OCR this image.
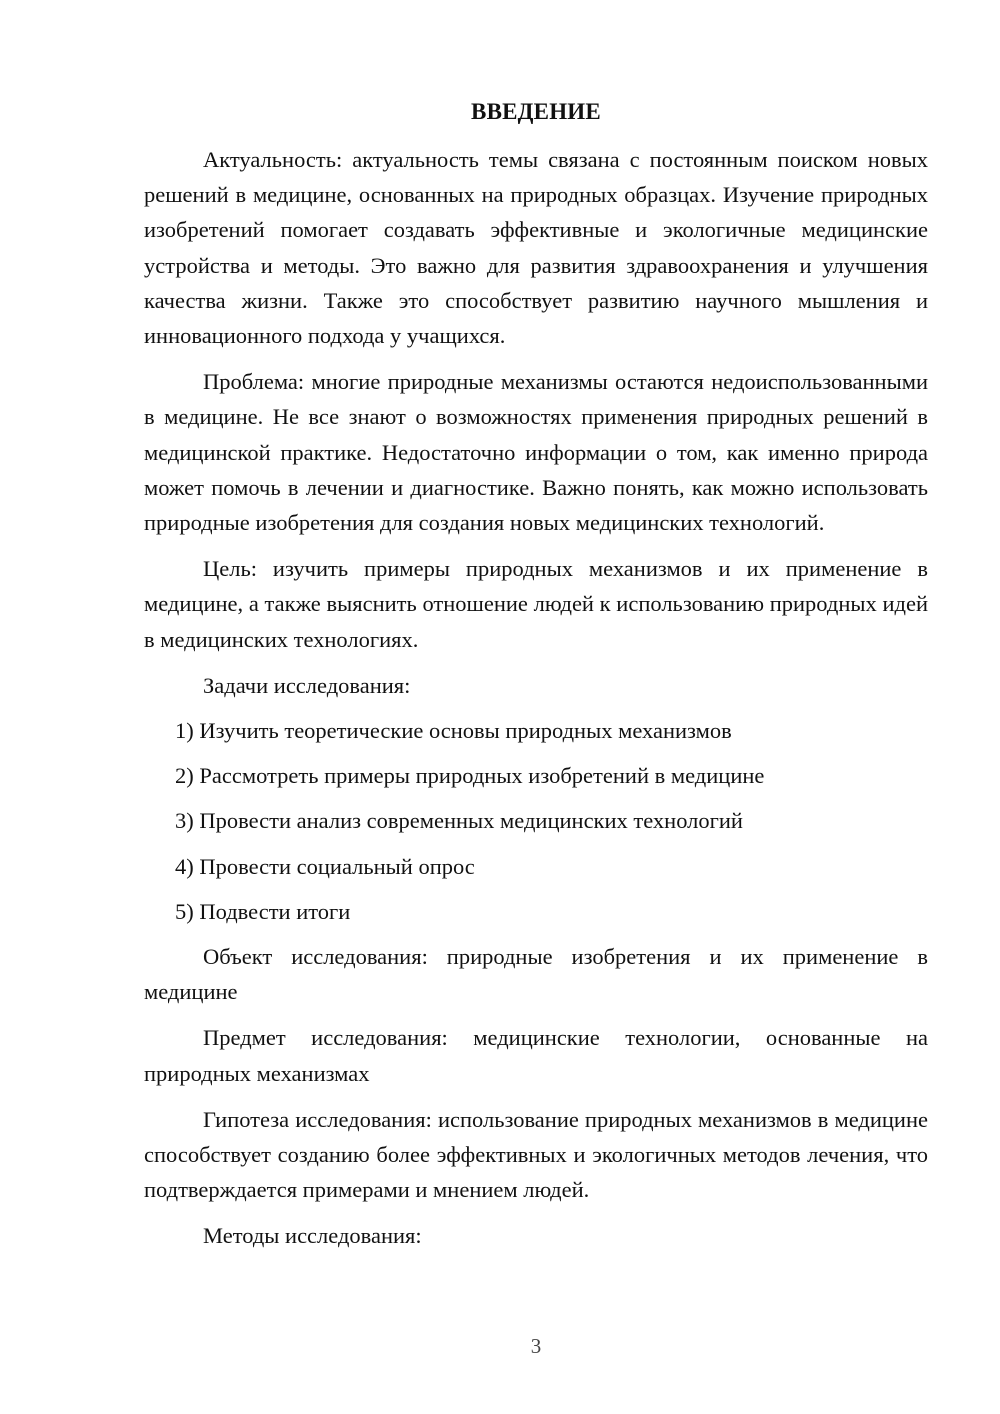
ВВЕДЕНИЕ

Актуальность: актуальность темы связана с постоянным поиском новых решений в медицине, основанных на природных образцах. Изучение природных изобретений помогает создавать эффективные и экологичные медицинские устройства и методы. Это важно для развития здравоохранения и улучшения качества жизни. Также это способствует развитию научного мышления и инновационного подхода у учащихся.

Проблема: многие природные механизмы остаются недоиспользованными в медицине. Не все знают о возможностях применения природных решений в медицинской практике. Недостаточно информации о том, как именно природа может помочь в лечении и диагностике. Важно понять, как можно использовать природные изобретения для создания новых медицинских технологий.

Цель: изучить примеры природных механизмов и их применение в медицине, а также выяснить отношение людей к использованию природных идей в медицинских технологиях.

Задачи исследования:

1) Изучить теоретические основы природных механизмов

2) Рассмотреть примеры природных изобретений в медицине

3) Провести анализ современных медицинских технологий

4) Провести социальный опрос

5) Подвести итоги

Объект исследования: природные изобретения и их применение в медицине

Предмет исследования: медицинские технологии, основанные на природных механизмах

Гипотеза исследования: использование природных механизмов в медицине способствует созданию более эффективных и экологичных методов лечения, что подтверждается примерами и мнением людей.

Методы исследования:

3
